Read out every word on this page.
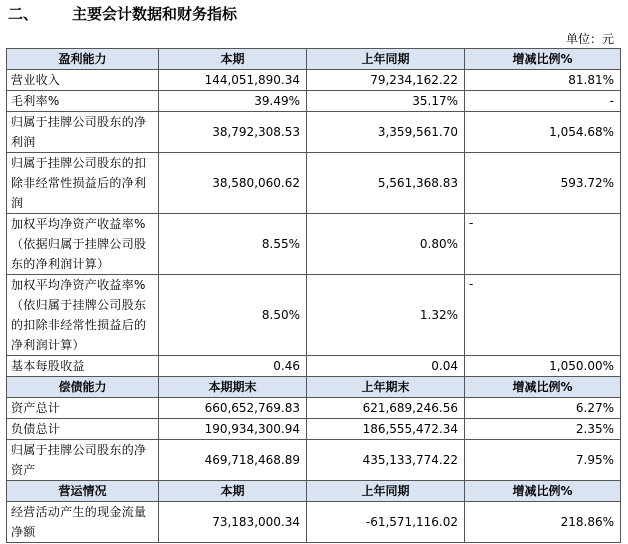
二、	主要会计数据和财务指标
单位：元
盈利能力	本期	上年同期	增减比例%
营业收入	144,051,890.34	79,234,162.22	81.81%
毛利率%	39.49%	35.17%	-
归属于挂牌公司股东的净利润	38,792,308.53	3,359,561.70	1,054.68%
归属于挂牌公司股东的扣除非经常性损益后的净利润	38,580,060.62	5,561,368.83	593.72%
加权平均净资产收益率%（依据归属于挂牌公司股东的净利润计算）	8.55%	0.80%	-
加权平均净资产收益率%（依归属于挂牌公司股东的扣除非经常性损益后的净利润计算）	8.50%	1.32%	-
基本每股收益	0.46	0.04	1,050.00%
偿债能力	本期期末	上年期末	增减比例%
资产总计	660,652,769.83	621,689,246.56	6.27%
负债总计	190,934,300.94	186,555,472.34	2.35%
归属于挂牌公司股东的净资产	469,718,468.89	435,133,774.22	7.95%
营运情况	本期	上年同期	增减比例%
经营活动产生的现金流量净额	73,183,000.34	-61,571,116.02	218.86%
